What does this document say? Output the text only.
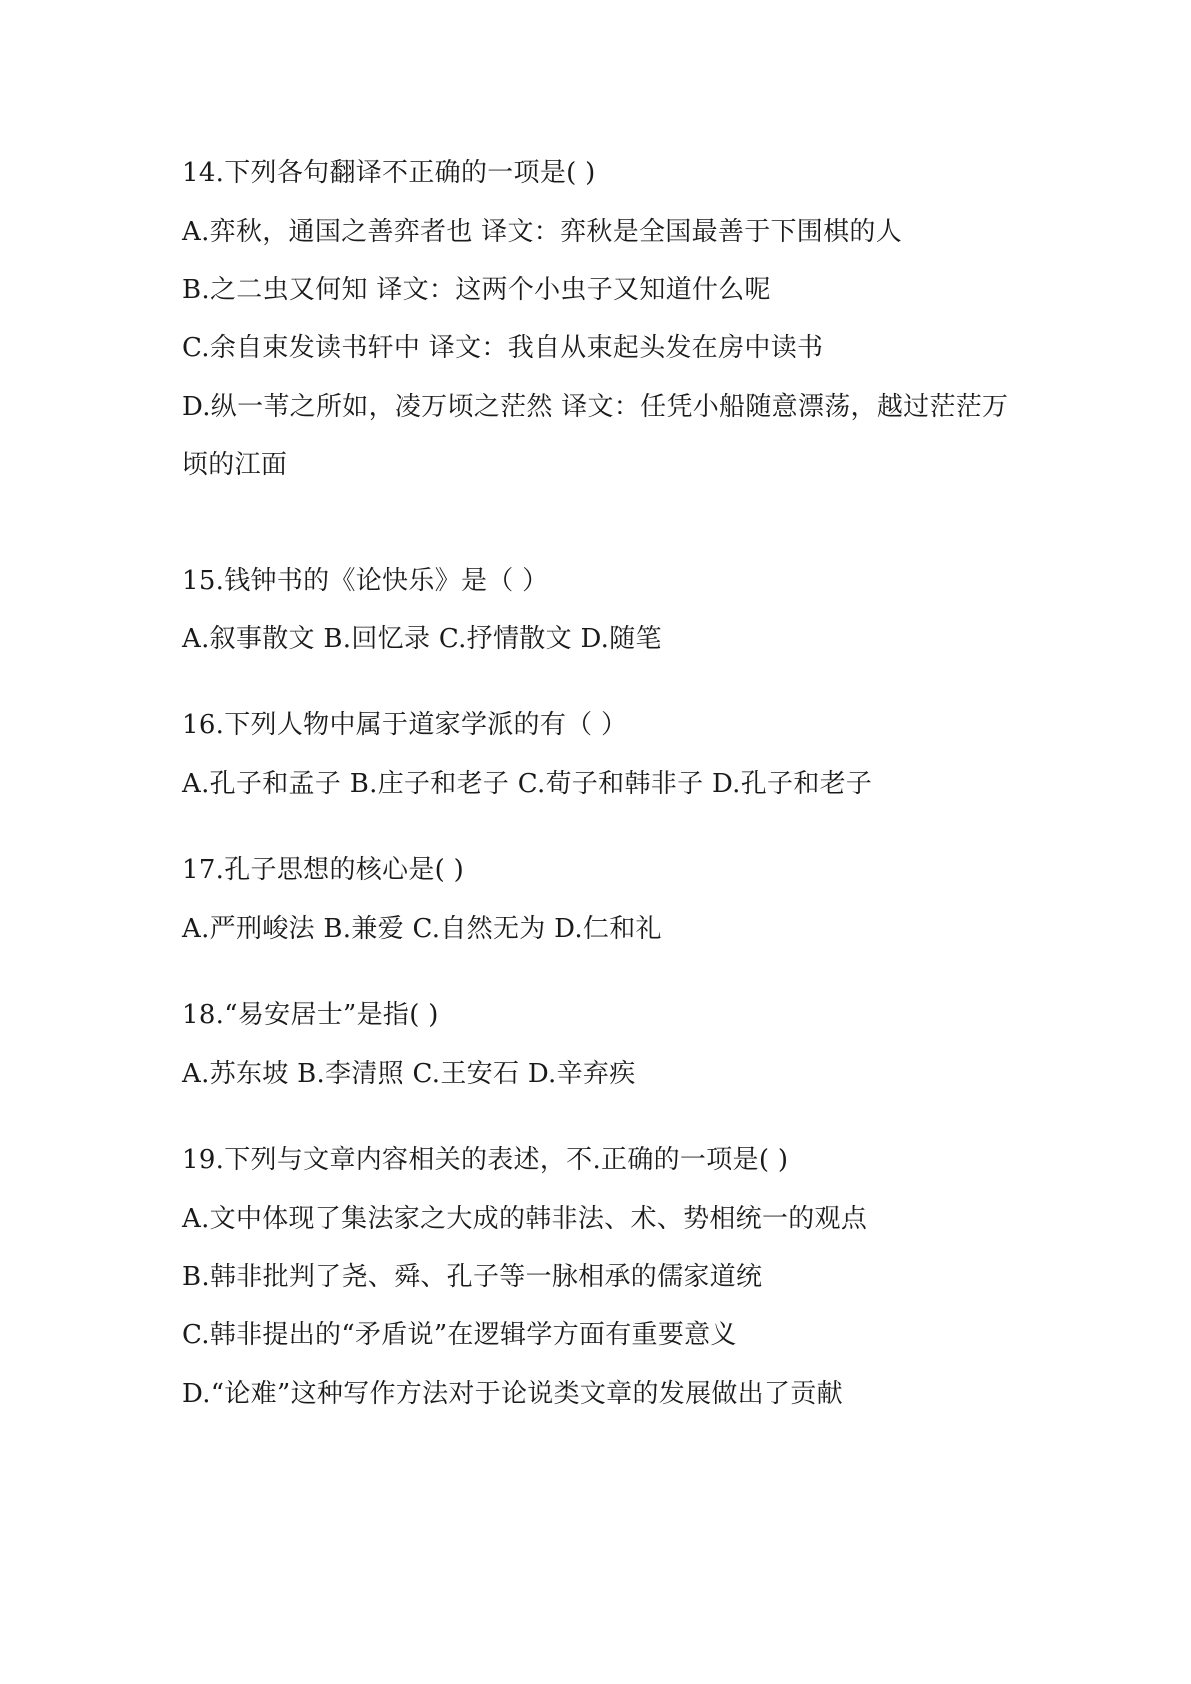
14.下列各句翻译不正确的一项是( )
A.弈秋，通国之善弈者也 译文：弈秋是全国最善于下围棋的人
B.之二虫又何知 译文：这两个小虫子又知道什么呢
C.余自束发读书轩中 译文：我自从束起头发在房中读书
D.纵一苇之所如，凌万顷之茫然 译文：任凭小船随意漂荡，越过茫茫万
顷的江面
15.钱钟书的《论快乐》是（ ）
A.叙事散文 B.回忆录 C.抒情散文 D.随笔
16.下列人物中属于道家学派的有（ ）
A.孔子和孟子 B.庄子和老子 C.荀子和韩非子 D.孔子和老子
17.孔子思想的核心是( )
A.严刑峻法 B.兼爱 C.自然无为 D.仁和礼
18.“易安居士”是指( )
A.苏东坡 B.李清照 C.王安石 D.辛弃疾
19.下列与文章内容相关的表述，不.正确的一项是( )
A.文中体现了集法家之大成的韩非法、术、势相统一的观点
B.韩非批判了尧、舜、孔子等一脉相承的儒家道统
C.韩非提出的“矛盾说”在逻辑学方面有重要意义
D.“论难”这种写作方法对于论说类文章的发展做出了贡献
